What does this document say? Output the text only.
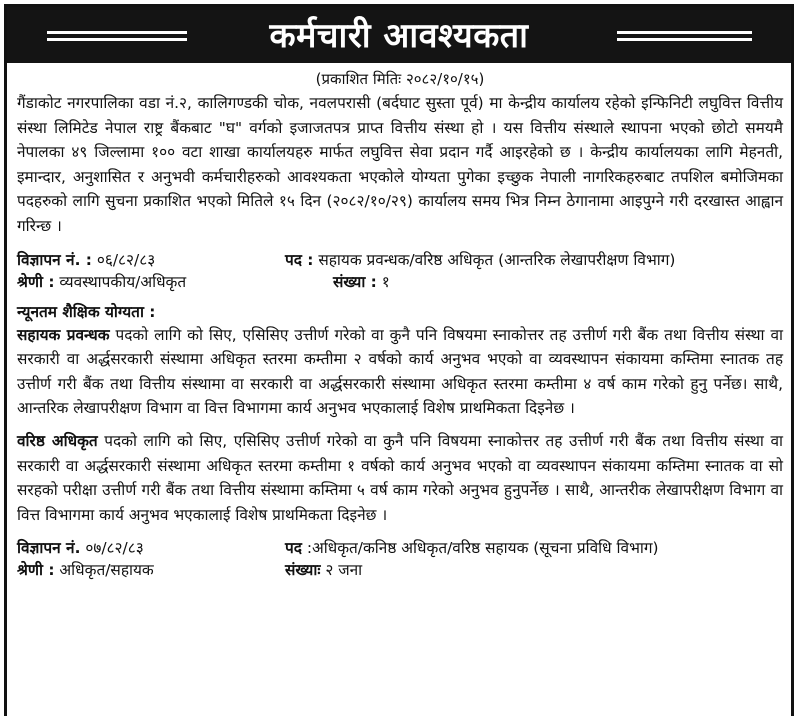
कर्मचारी आवश्यकता
(प्रकाशित मितिः २०८२/१०/१५)

गैंडाकोट नगरपालिका वडा नं.२, कालिगण्डकी चोक, नवलपरासी (बर्दघाट सुस्ता पूर्व) मा केन्द्रीय कार्यालय रहेको इन्फिनिटी लघुवित्त वित्तीय संस्था लिमिटेड नेपाल राष्ट्र बैंकबाट "घ" वर्गको इजाजतपत्र प्राप्त वित्तीय संस्था हो । यस वित्तीय संस्थाले स्थापना भएको छोटो समयमै नेपालका ४९ जिल्लामा १०० वटा शाखा कार्यालयहरु मार्फत लघुवित्त सेवा प्रदान गर्दै आइरहेको छ । केन्द्रीय कार्यालयका लागि मेहनती, इमान्दार, अनुशासित र अनुभवी कर्मचारीहरुको आवश्यकता भएकोले योग्यता पुगेका इच्छुक नेपाली नागरिकहरुबाट तपशिल बमोजिमका पदहरुको लागि सुचना प्रकाशित भएको मितिले १५ दिन (२०८२/१०/२९) कार्यालय समय भित्र निम्न ठेगानामा आइपुग्ने गरी दरखास्त आह्वान गरिन्छ ।

विज्ञापन नं. : ०६/८२/८३	पद : सहायक प्रवन्धक/वरिष्ठ अधिकृत (आन्तरिक लेखापरीक्षण विभाग)
श्रेणी : व्यवस्थापकीय/अधिकृत	संख्या : १
न्यूनतम शैक्षिक योग्यता :

सहायक प्रवन्धक पदको लागि को सिए, एसिसिए उत्तीर्ण गरेको वा कुनै पनि विषयमा स्नाकोत्तर तह उत्तीर्ण गरी बैंक तथा वित्तीय संस्था वा सरकारी वा अर्द्धसरकारी संस्थामा अधिकृत स्तरमा कम्तीमा २ वर्षको कार्य अनुभव भएको वा व्यवस्थापन संकायमा कम्तिमा स्नातक तह उत्तीर्ण गरी बैंक तथा वित्तीय संस्थामा वा सरकारी वा अर्द्धसरकारी संस्थामा अधिकृत स्तरमा कम्तीमा ४ वर्ष काम गरेको हुनु पर्नेछ। साथै, आन्तरिक लेखापरीक्षण विभाग वा वित्त विभागमा कार्य अनुभव भएकालाई विशेष प्राथमिकता दिइनेछ ।

वरिष्ठ अधिकृत पदको लागि को सिए, एसिसिए उत्तीर्ण गरेको वा कुनै पनि विषयमा स्नाकोत्तर तह उत्तीर्ण गरी बैंक तथा वित्तीय संस्था वा सरकारी वा अर्द्धसरकारी संस्थामा अधिकृत स्तरमा कम्तीमा १ वर्षको कार्य अनुभव भएको वा व्यवस्थापन संकायमा कम्तिमा स्नातक वा सो सरहको परीक्षा उत्तीर्ण गरी बैंक तथा वित्तीय संस्थामा कम्तिमा ५ वर्ष काम गरेको अनुभव हुनुपर्नेछ । साथै, आन्तरीक लेखापरीक्षण विभाग वा वित्त विभागमा कार्य अनुभव भएकालाई विशेष प्राथमिकता दिइनेछ ।

विज्ञापन नं. ०७/८२/८३	पद :अधिकृत/कनिष्ठ अधिकृत/वरिष्ठ सहायक (सूचना प्रविधि विभाग)
श्रेणी : अधिकृत/सहायक	संख्याः २ जना
